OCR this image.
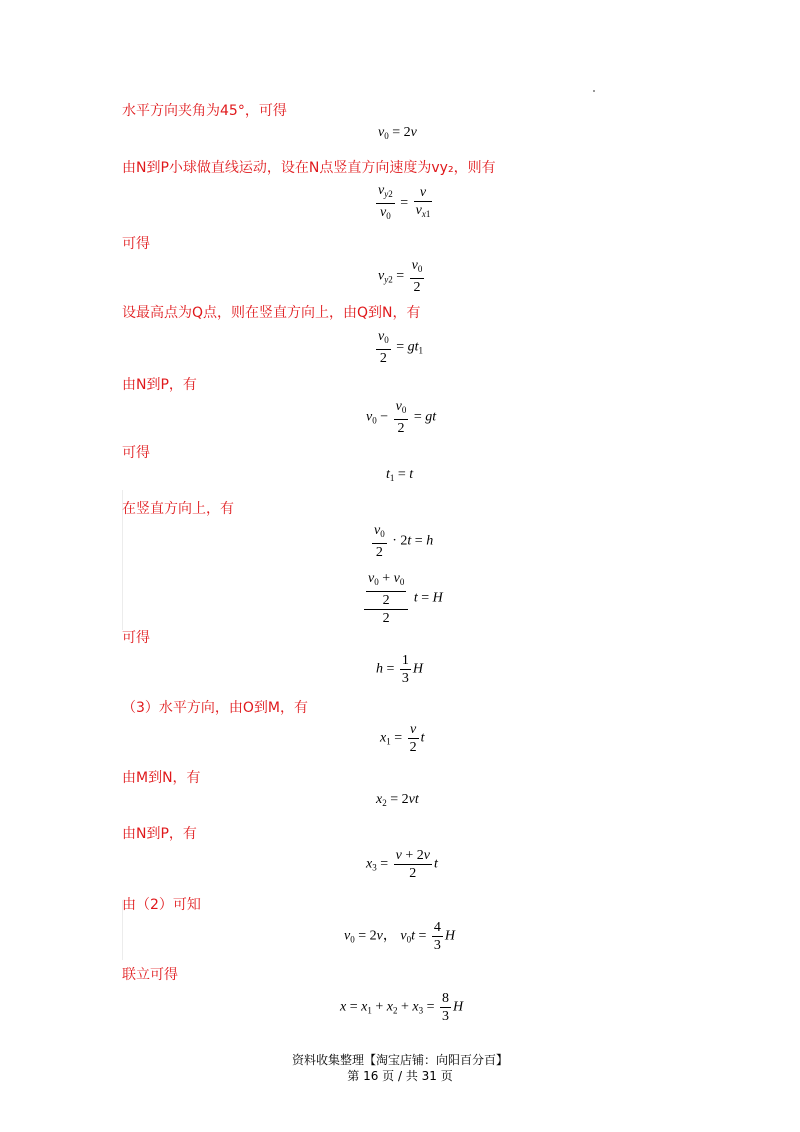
水平方向夹角为45°，可得
$v_0 = 2v$
由N到P小球做直线运动，设在N点竖直方向速度为vy₂，则有
$\frac{v_{y2}}{v_0} = \frac{v}{v_{x1}}$
可得
$v_{y2} = \frac{v_0}{2}$
设最高点为Q点，则在竖直方向上，由Q到N，有
$\frac{v_0}{2} = gt_1$
由N到P，有
$v_0 - \frac{v_0}{2}$ = gt
可得
$t_1 = t$
在竖直方向上，有
$\frac{v_0}{2} \cdot 2t = h$
$\frac{\frac{v_0 + v_0}{2}}{2}$ t = H
可得
$h = \frac{1}{3}$ H
（3）水平方向，由O到M，有
$x_1 = \frac{v}{2}$ t
由M到N，有
$x_2 = 2vt$
由N到P，有
$x_3 = \frac{v + 2v}{2}$ t
由（2）可知
$v_0 = 2v$， $v_0t = \frac{4}{3}$ H
联立可得
$x = x_1 + x_2 + x_3 = \frac{8}{3}$ H
资料收集整理【淘宝店铺：向阳百分百】
第 16 页 / 共 31 页
